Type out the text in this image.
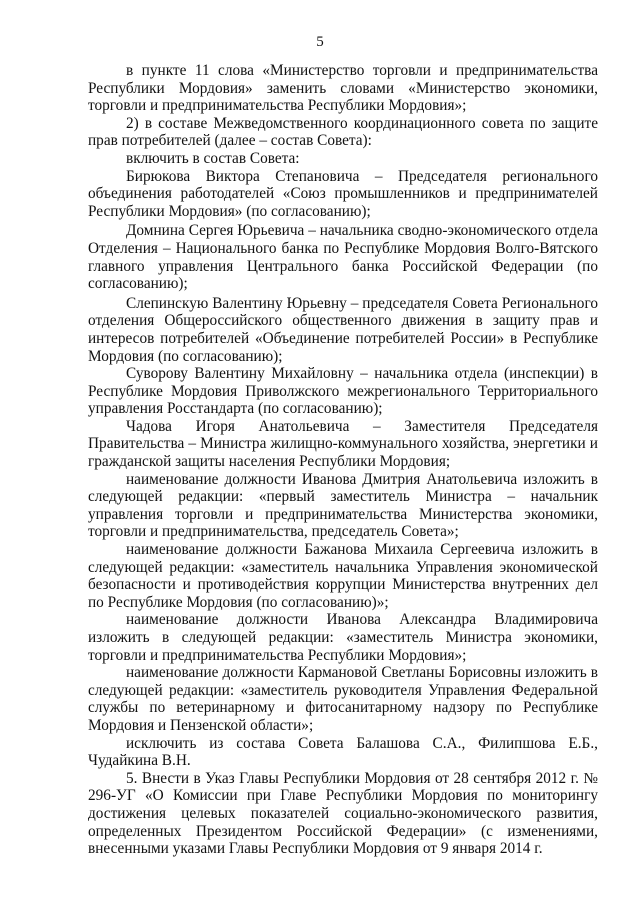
5

в пункте 11 слова «Министерство торговли и предпринимательства Республики Мордовия» заменить словами «Министерство экономики, торговли и предпринимательства Республики Мордовия»;

2) в составе Межведомственного координационного совета по защите прав потребителей (далее – состав Совета):

включить в состав Совета:

Бирюкова Виктора Степановича – Председателя регионального объединения работодателей «Союз промышленников и предпринимателей Республики Мордовия» (по согласованию);

Домнина Сергея Юрьевича – начальника сводно-экономического отдела Отделения – Национального банка по Республике Мордовия Волго-Вятского главного управления Центрального банка Российской Федерации (по согласованию);

Слепинскую Валентину Юрьевну – председателя Совета Регионального отделения Общероссийского общественного движения в защиту прав и интересов потребителей «Объединение потребителей России» в Республике Мордовия (по согласованию);

Суворову Валентину Михайловну – начальника отдела (инспекции) в Республике Мордовия Приволжского межрегионального Территориального управления Росстандарта (по согласованию);

Чадова Игоря Анатольевича – Заместителя Председателя Правительства – Министра жилищно-коммунального хозяйства, энергетики и гражданской защиты населения Республики Мордовия;

наименование должности Иванова Дмитрия Анатольевича изложить в следующей редакции: «первый заместитель Министра – начальник управления торговли и предпринимательства Министерства экономики, торговли и предпринимательства, председатель Совета»;

наименование должности Бажанова Михаила Сергеевича изложить в следующей редакции: «заместитель начальника Управления экономической безопасности и противодействия коррупции Министерства внутренних дел по Республике Мордовия (по согласованию)»;

наименование должности Иванова Александра Владимировича изложить в следующей редакции: «заместитель Министра экономики, торговли и предпринимательства Республики Мордовия»;

наименование должности Кармановой Светланы Борисовны изложить в следующей редакции: «заместитель руководителя Управления Федеральной службы по ветеринарному и фитосанитарному надзору по Республике Мордовия и Пензенской области»;

исключить из состава Совета Балашова С.А., Филипшова Е.Б., Чудайкина В.Н.

5. Внести в Указ Главы Республики Мордовия от 28 сентября 2012 г. № 296-УГ «О Комиссии при Главе Республики Мордовия по мониторингу достижения целевых показателей социально-экономического развития, определенных Президентом Российской Федерации» (с изменениями, внесенными указами Главы Республики Мордовия от 9 января 2014 г.
